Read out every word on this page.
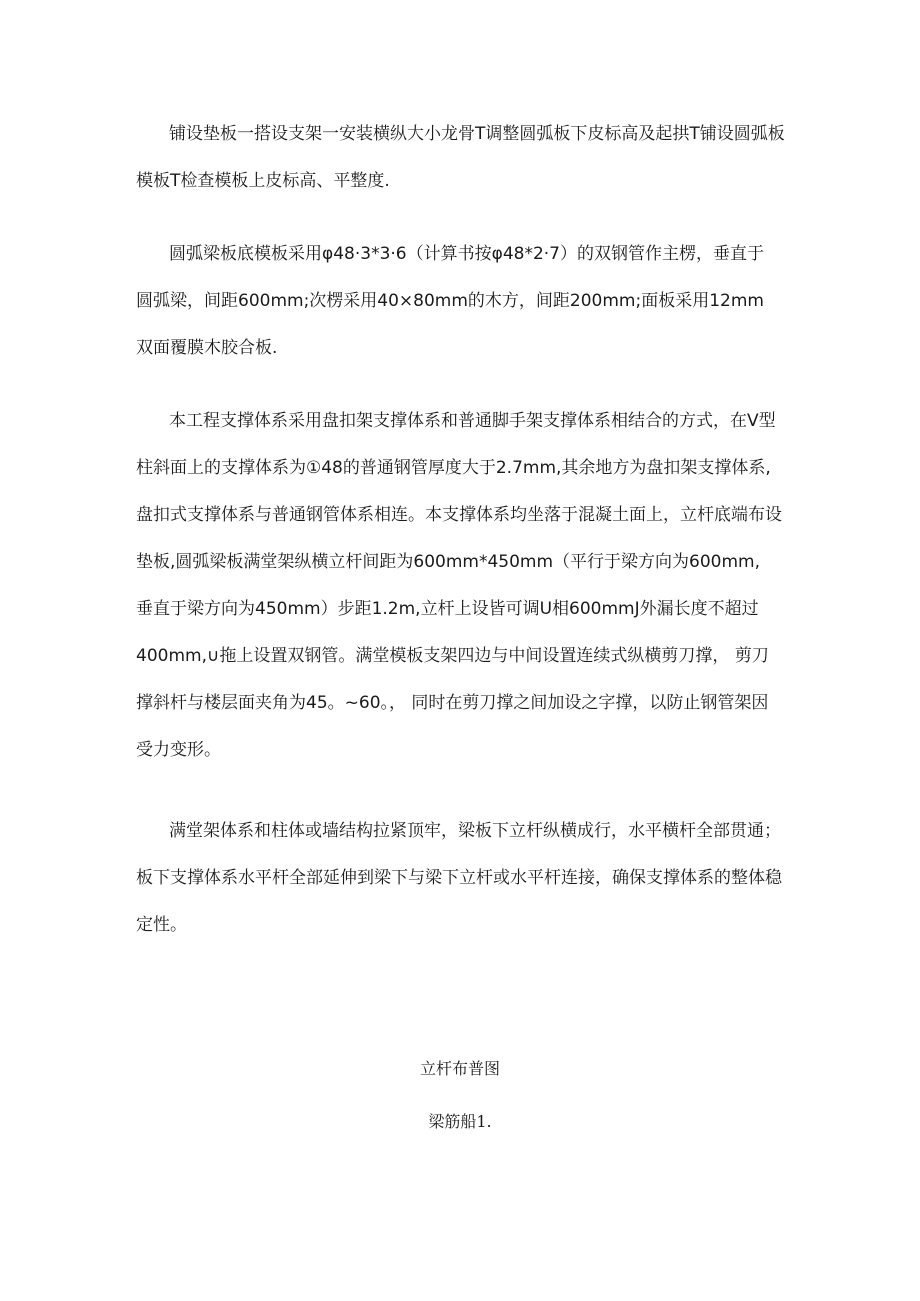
铺设垫板一搭设支架一安装横纵大小龙骨T调整圆弧板下皮标高及起拱T铺设圆弧板
模板T检查模板上皮标高、平整度.
圆弧梁板底模板采用φ48·3*3·6（计算书按φ48*2·7）的双钢管作主楞，垂直于
圆弧梁，间距600mm;次楞采用40×80mm的木方，间距200mm;面板采用12mm
双面覆膜木胶合板.
本工程支撑体系采用盘扣架支撑体系和普通脚手架支撑体系相结合的方式，在V型
柱斜面上的支撑体系为①48的普通钢管厚度大于2.7mm,其余地方为盘扣架支撑体系,
盘扣式支撑体系与普通钢管体系相连。本支撑体系均坐落于混凝土面上，立杆底端布设
垫板,圆弧梁板满堂架纵横立杆间距为600mm*450mm（平行于梁方向为600mm,
垂直于梁方向为450mm）步距1.2m,立杆上设皆可调U相600mmJ外漏长度不超过
400mm,∪拖上设置双钢管。满堂模板支架四边与中间设置连续式纵横剪刀撑， 剪刀
撑斜杆与楼层面夹角为45。~60。， 同时在剪刀撑之间加设之字撑，以防止钢管架因
受力变形。
满堂架体系和柱体或墙结构拉紧顶牢，梁板下立杆纵横成行，水平横杆全部贯通；
板下支撑体系水平杆全部延伸到梁下与梁下立杆或水平杆连接，确保支撑体系的整体稳
定性。
立杆布普图
梁筋船1.
